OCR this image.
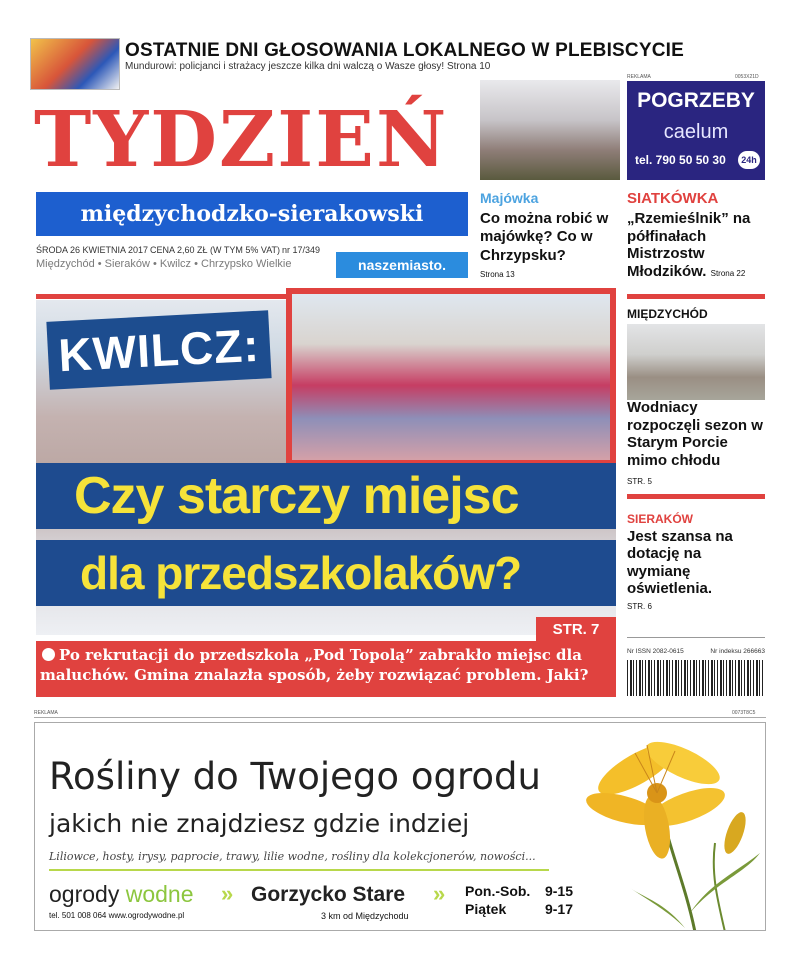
OSTATNIE DNI GŁOSOWANIA LOKALNEGO W PLEBISCYCIE
Mundurowi: policjanci i strażacy jeszcze kilka dni walczą o Wasze głosy! Strona 10
TYDZIEŃ
międzychodzko-sierakowski
ŚRODA 26 KWIETNIA 2017 CENA 2,60 ZŁ (W TYM 5% VAT) nr 17/349
Międzychód • Sieraków • Kwilcz • Chrzypsko Wielkie	naszemiasto.
Majówka
Co można robić w majówkę? Co w Chrzypsku?
Strona 13
REKLAMA	0053X21D
POGRZEBY
caelum
tel. 790 50 50 30	24h
SIATKÓWKA
„Rzemieślnik” na półfinałach Mistrzostw Młodzików. Strona 22
KWILCZ:
Czy starczy miejsc
dla przedszkolaków?
STR. 7
Po rekrutacji do przedszkola „Pod Topolą” zabrakło miejsc dla maluchów. Gmina znalazła sposób, żeby rozwiązać problem. Jaki?
MIĘDZYCHÓD
Wodniacy rozpoczęli sezon w Starym Porcie mimo chłodu
STR. 5
SIERAKÓW
Jest szansa na dotację na wymianę oświetlenia.
STR. 6
Nr ISSN 2082-0615	Nr indeksu 266663
REKLAMA	0073T8C5
Rośliny do Twojego ogrodu
jakich nie znajdziesz gdzie indziej
Liliowce, hosty, irysy, paprocie, trawy, lilie wodne, rośliny dla kolekcjonerów, nowości...
ogrody wodne
tel. 501 008 064 www.ogrodywodne.pl
» Gorzycko Stare
3 km od Międzychodu
» Pon.-Sob. 9-15
Piątek	9-17
